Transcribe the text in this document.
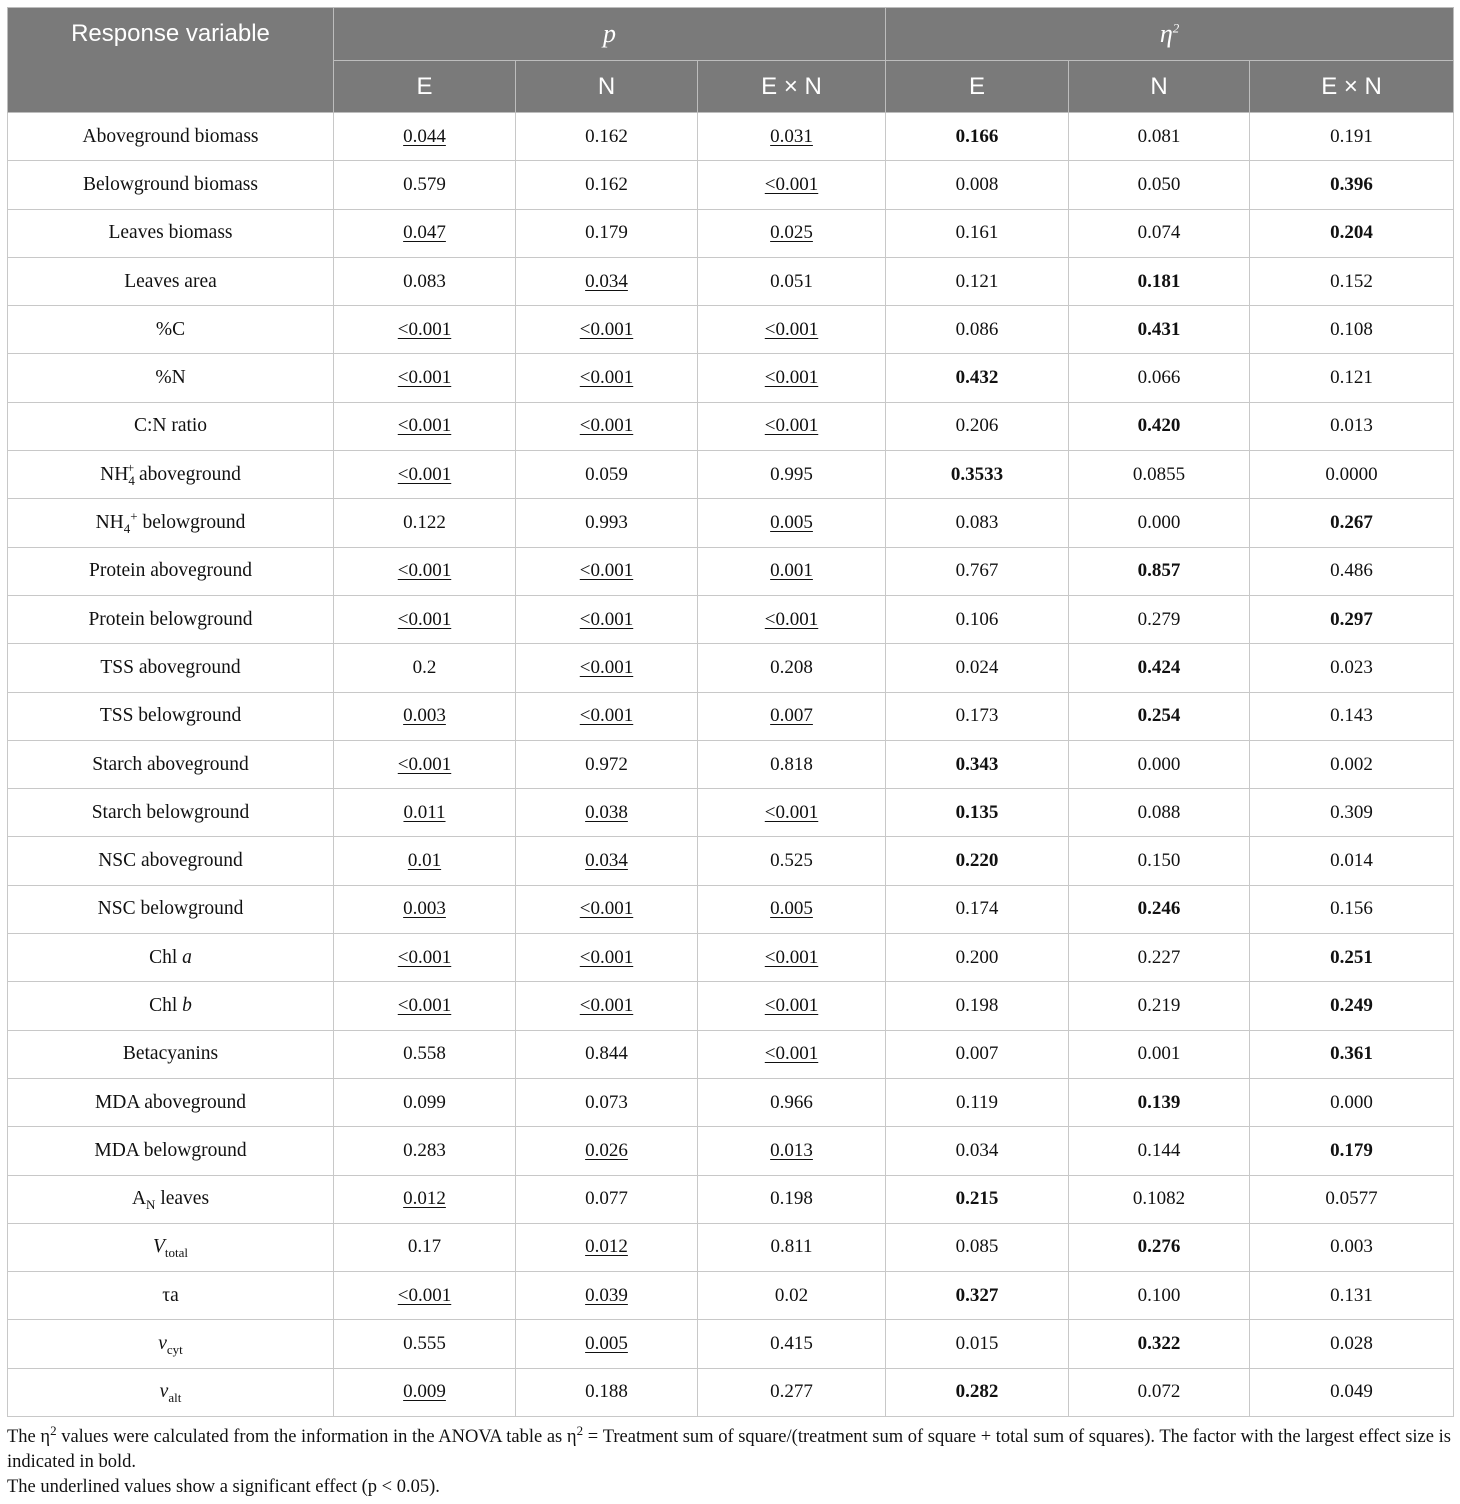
Response variable	p			$\eta^2$
	E	N	E × N	E	N	E × N
Aboveground biomass	0.044	0.162	0.031	0.166	0.081	0.191
Belowground biomass	0.579	0.162	<0.001	0.008	0.050	0.396
Leaves biomass	0.047	0.179	0.025	0.161	0.074	0.204
Leaves area	0.083	0.034	0.051	0.121	0.181	0.152
%C	<0.001	<0.001	<0.001	0.086	0.431	0.108
%N	<0.001	<0.001	<0.001	0.432	0.066	0.121
C:N ratio	<0.001	<0.001	<0.001	0.206	0.420	0.013
$NH_4^+$ aboveground	<0.001	0.059	0.995	0.3533	0.0855	0.0000
$NH_4^+$ belowground	0.122	0.993	0.005	0.083	0.000	0.267
Protein aboveground	<0.001	<0.001	0.001	0.767	0.857	0.486
Protein belowground	<0.001	<0.001	<0.001	0.106	0.279	0.297
TSS aboveground	0.2	<0.001	0.208	0.024	0.424	0.023
TSS belowground	0.003	<0.001	0.007	0.173	0.254	0.143
Starch aboveground	<0.001	0.972	0.818	0.343	0.000	0.002
Starch belowground	0.011	0.038	<0.001	0.135	0.088	0.309
NSC aboveground	0.01	0.034	0.525	0.220	0.150	0.014
NSC belowground	0.003	<0.001	0.005	0.174	0.246	0.156
Chl a	<0.001	<0.001	<0.001	0.200	0.227	0.251
Chl b	<0.001	<0.001	<0.001	0.198	0.219	0.249
Betacyanins	0.558	0.844	<0.001	0.007	0.001	0.361
MDA aboveground	0.099	0.073	0.966	0.119	0.139	0.000
MDA belowground	0.283	0.026	0.013	0.034	0.144	0.179
$A_N$ leaves	0.012	0.077	0.198	0.215	0.1082	0.0577
$V_{total}$	0.17	0.012	0.811	0.085	0.276	0.003
τa	<0.001	0.039	0.02	0.327	0.100	0.131
$\nu_{cyt}$	0.555	0.005	0.415	0.015	0.322	0.028
$\nu_{alt}$	0.009	0.188	0.277	0.282	0.072	0.049

The $\eta^2$ values were calculated from the information in the ANOVA table as $\eta^2$ = Treatment sum of square/(treatment sum of square + total sum of squares). The factor with the largest effect size is indicated in bold.

The underlined values show a significant effect (p < 0.05).
